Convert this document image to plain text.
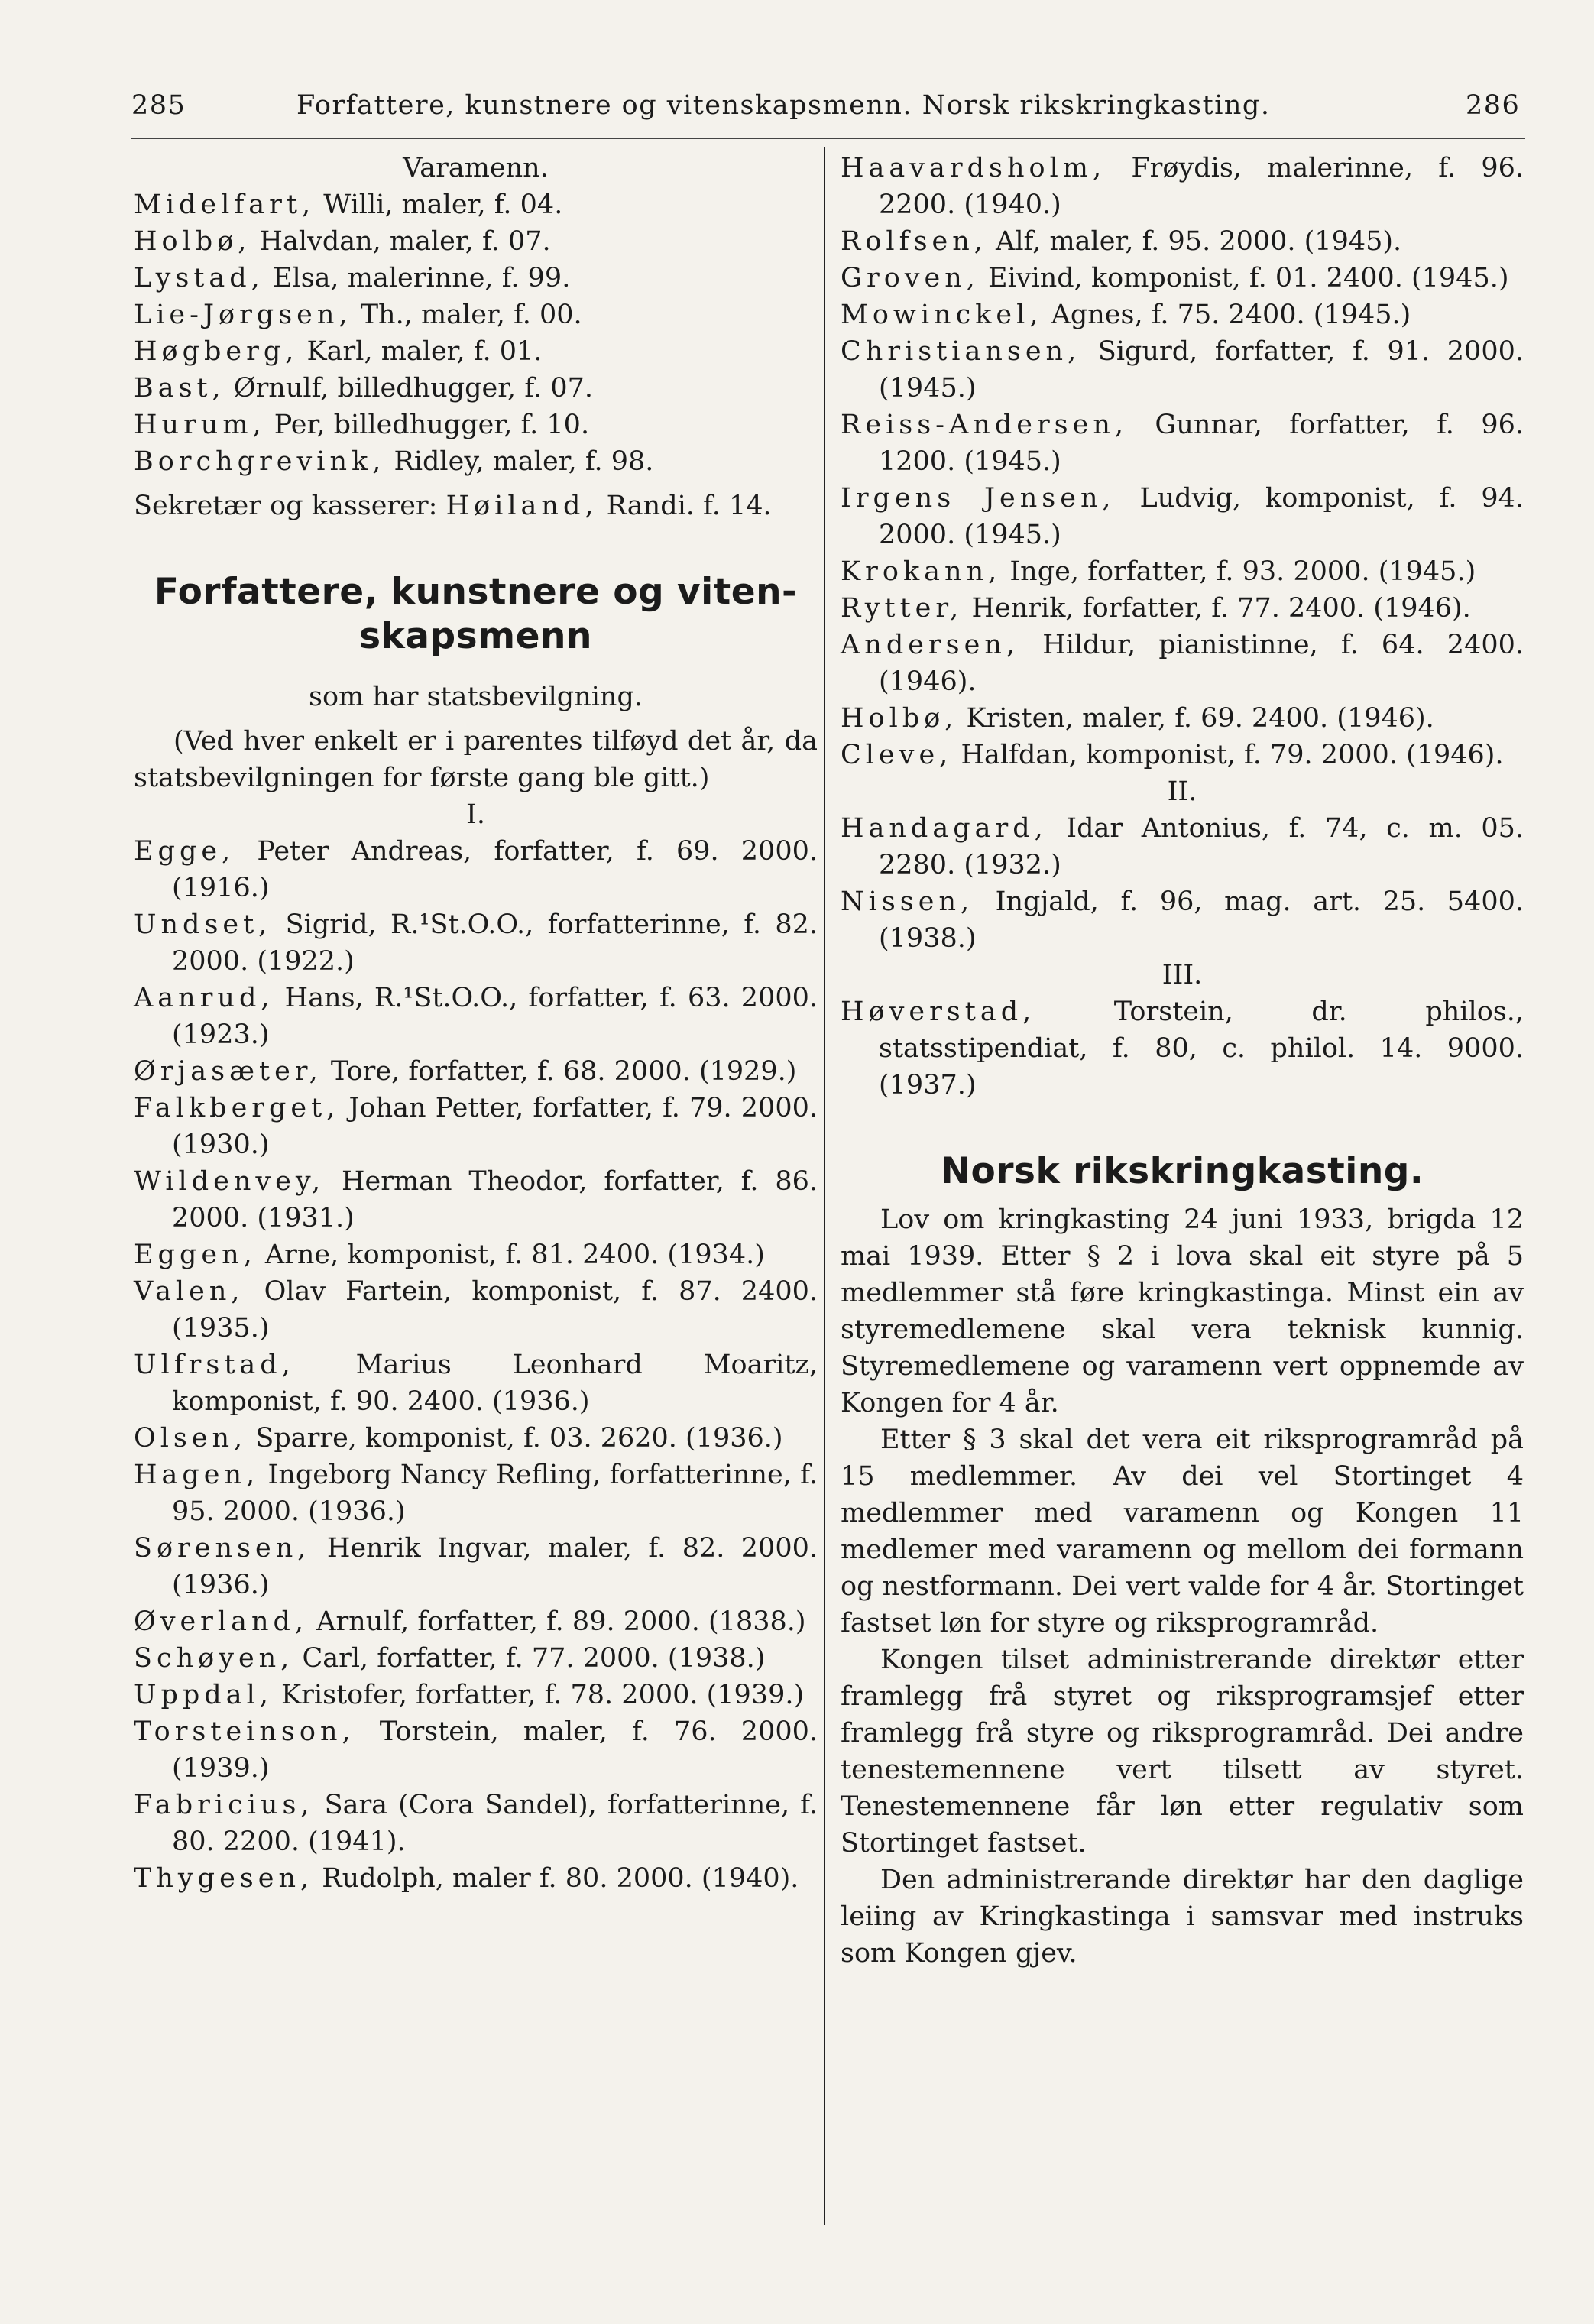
285	Forfattere, kunstnere og vitenskapsmenn. Norsk rikskringkasting.	286
Varamenn.
Midelfart, Willi, maler, f. 04.
Holbø, Halvdan, maler, f. 07.
Lystad, Elsa, malerinne, f. 99.
Lie-Jørgsen, Th., maler, f. 00.
Høgberg, Karl, maler, f. 01.
Bast, Ørnulf, billedhugger, f. 07.
Hurum, Per, billedhugger, f. 10.
Borchgrevink, Ridley, maler, f. 98.
Sekretær og kasserer: Høiland, Randi. f. 14.
Forfattere, kunstnere og viten-skapsmenn
som har statsbevilgning.
(Ved hver enkelt er i parentes tilføyd det år, da statsbevilgningen for første gang ble gitt.)
I.
Egge, Peter Andreas, forfatter, f. 69. 2000. (1916.)
Undset, Sigrid, R.¹St.O.O., forfatterinne, f. 82. 2000. (1922.)
Aanrud, Hans, R.¹St.O.O., forfatter, f. 63. 2000. (1923.)
Ørjasæter, Tore, forfatter, f. 68. 2000. (1929.)
Falkberget, Johan Petter, forfatter, f. 79. 2000. (1930.)
Wildenvey, Herman Theodor, forfatter, f. 86. 2000. (1931.)
Eggen, Arne, komponist, f. 81. 2400. (1934.)
Valen, Olav Fartein, komponist, f. 87. 2400. (1935.)
Ulfrstad, Marius Leonhard Moaritz, komponist, f. 90. 2400. (1936.)
Olsen, Sparre, komponist, f. 03. 2620. (1936.)
Hagen, Ingeborg Nancy Refling, forfatterinne, f. 95. 2000. (1936.)
Sørensen, Henrik Ingvar, maler, f. 82. 2000. (1936.)
Øverland, Arnulf, forfatter, f. 89. 2000. (1838.)
Schøyen, Carl, forfatter, f. 77. 2000. (1938.)
Uppdal, Kristofer, forfatter, f. 78. 2000. (1939.)
Torsteinson, Torstein, maler, f. 76. 2000. (1939.)
Fabricius, Sara (Cora Sandel), forfatterinne, f. 80. 2200. (1941).
Thygesen, Rudolph, maler f. 80. 2000. (1940).
Haavardsholm, Frøydis, malerinne, f. 96. 2200. (1940.)
Rolfsen, Alf, maler, f. 95. 2000. (1945).
Groven, Eivind, komponist, f. 01. 2400. (1945.)
Mowinckel, Agnes, f. 75. 2400. (1945.)
Christiansen, Sigurd, forfatter, f. 91. 2000. (1945.)
Reiss-Andersen, Gunnar, forfatter, f. 96. 1200. (1945.)
Irgens Jensen, Ludvig, komponist, f. 94. 2000. (1945.)
Krokann, Inge, forfatter, f. 93. 2000. (1945.)
Rytter, Henrik, forfatter, f. 77. 2400. (1946).
Andersen, Hildur, pianistinne, f. 64. 2400. (1946).
Holbø, Kristen, maler, f. 69. 2400. (1946).
Cleve, Halfdan, komponist, f. 79. 2000. (1946).
II.
Handagard, Idar Antonius, f. 74, c. m. 05. 2280. (1932.)
Nissen, Ingjald, f. 96, mag. art. 25. 5400. (1938.)
III.
Høverstad, Torstein, dr. philos., statsstipendiat, f. 80, c. philol. 14. 9000. (1937.)
Norsk rikskringkasting.
Lov om kringkasting 24 juni 1933, brigda 12 mai 1939. Etter § 2 i lova skal eit styre på 5 medlemmer stå føre kringkastinga. Minst ein av styremedlemene skal vera teknisk kunnig. Styremedlemene og varamenn vert oppnemde av Kongen for 4 år.
Etter § 3 skal det vera eit riksprogramråd på 15 medlemmer. Av dei vel Stortinget 4 medlemmer med varamenn og Kongen 11 medlemer med varamenn og mellom dei formann og nestformann. Dei vert valde for 4 år. Stortinget fastset løn for styre og riksprogramråd.
Kongen tilset administrerande direktør etter framlegg frå styret og riksprogramsjef etter framlegg frå styre og riksprogramråd. Dei andre tenestemennene vert tilsett av styret. Tenestemennene får løn etter regulativ som Stortinget fastset.
Den administrerande direktør har den daglige leiing av Kringkastinga i samsvar med instruks som Kongen gjev.
